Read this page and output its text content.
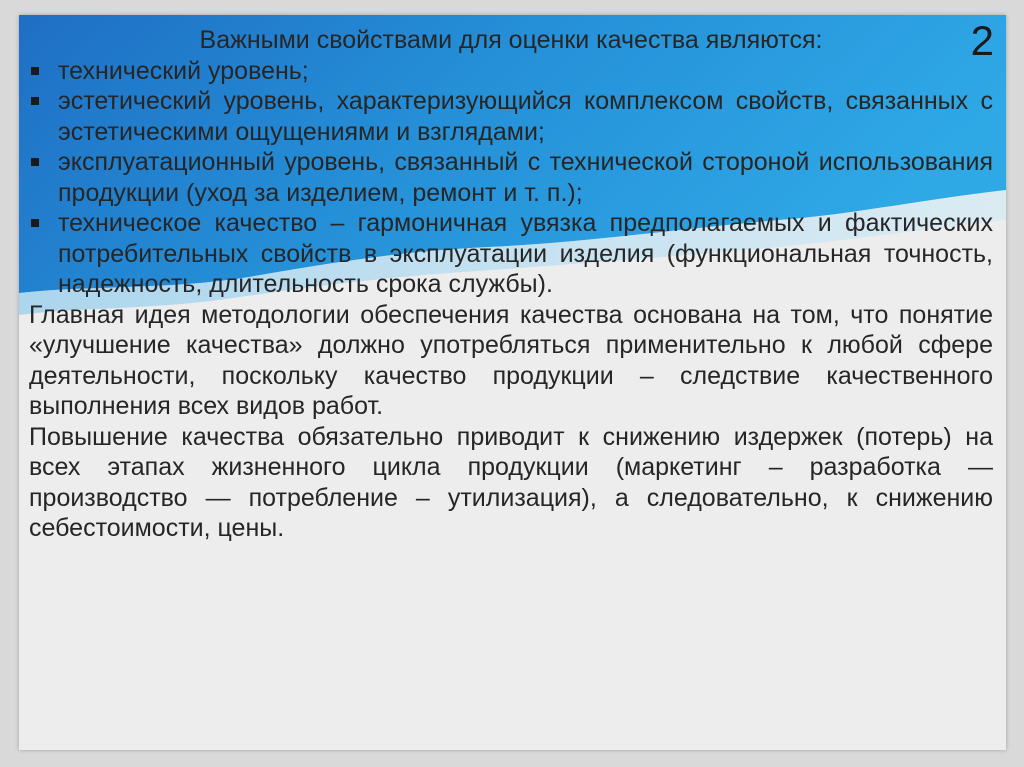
2

Важными свойствами для оценки качества являются:

технический уровень;
эстетический уровень, характеризующийся комплексом свойств, связанных с эстетическими ощущениями и взглядами;
эксплуатационный уровень, связанный с технической стороной использования продукции (уход за изделием, ремонт и т. п.);
техническое качество – гармоничная увязка предполагаемых и фактических потребительных свойств в эксплуатации изделия (функциональная точность, надежность, длительность срока службы).

Главная идея методологии обеспечения качества основана на том, что понятие «улучшение качества» должно употребляться применительно к любой сфере деятельности, поскольку качество продукции – следствие качественного выполнения всех видов работ.

Повышение качества обязательно приводит к снижению издержек (потерь) на всех этапах жизненного цикла продукции (маркетинг – разработка — производство — потребление – утилизация), а следовательно, к снижению себестоимости, цены.
